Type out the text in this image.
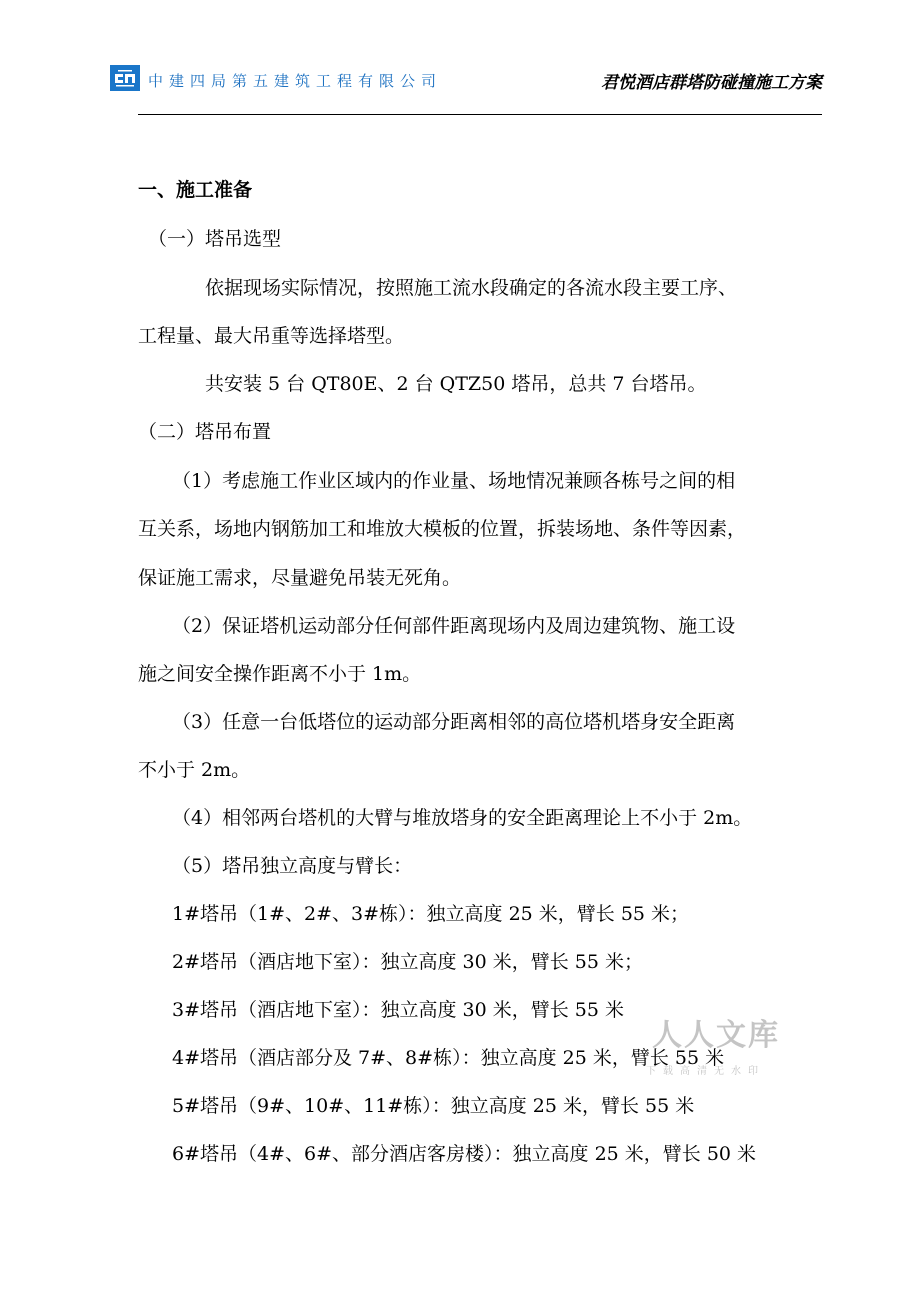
中建四局第五建筑工程有限公司	君悦酒店群塔防碰撞施工方案
一、施工准备
（一）塔吊选型
依据现场实际情况，按照施工流水段确定的各流水段主要工序、
工程量、最大吊重等选择塔型。
共安装 5 台 QT80E、2 台 QTZ50 塔吊，总共 7 台塔吊。
（二）塔吊布置
（1）考虑施工作业区域内的作业量、场地情况兼顾各栋号之间的相
互关系，场地内钢筋加工和堆放大模板的位置，拆装场地、条件等因素，
保证施工需求，尽量避免吊装无死角。
（2）保证塔机运动部分任何部件距离现场内及周边建筑物、施工设
施之间安全操作距离不小于 1m。
（3）任意一台低塔位的运动部分距离相邻的高位塔机塔身安全距离
不小于 2m。
（4）相邻两台塔机的大臂与堆放塔身的安全距离理论上不小于 2m。
（5）塔吊独立高度与臂长：
1#塔吊（1#、2#、3#栋）：独立高度 25 米，臂长 55 米；
2#塔吊（酒店地下室）：独立高度 30 米，臂长 55 米；
3#塔吊（酒店地下室）：独立高度 30 米，臂长 55 米
4#塔吊（酒店部分及 7#、8#栋）：独立高度 25 米，臂长 55 米
5#塔吊（9#、10#、11#栋）：独立高度 25 米，臂长 55 米
6#塔吊（4#、6#、部分酒店客房楼）：独立高度 25 米，臂长 50 米
人人文库
下载高清无水印
